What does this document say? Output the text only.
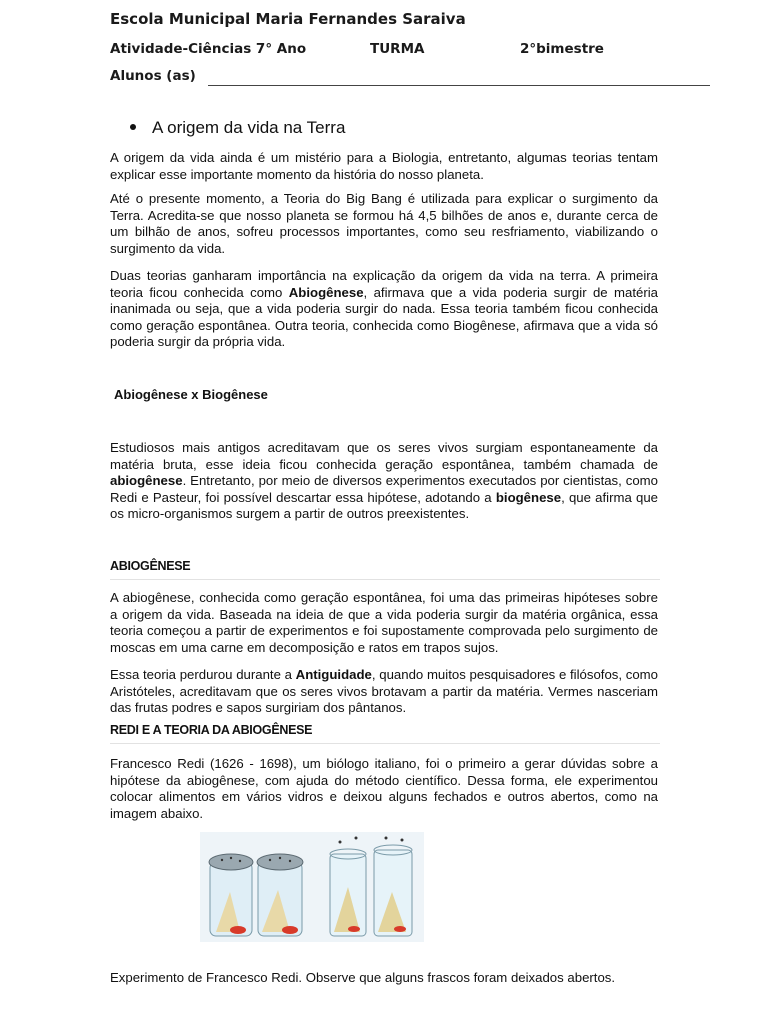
Escola Municipal Maria Fernandes Saraiva
Atividade-Ciências 7° Ano	TURMA	2°bimestre
Alunos (as)
A origem da vida na Terra

A origem da vida ainda é um mistério para a Biologia, entretanto, algumas teorias tentam explicar esse importante momento da história do nosso planeta.

Até o presente momento, a Teoria do Big Bang é utilizada para explicar o surgimento da Terra. Acredita-se que nosso planeta se formou há 4,5 bilhões de anos e, durante cerca de um bilhão de anos, sofreu processos importantes, como seu resfriamento, viabilizando o surgimento da vida.

Duas teorias ganharam importância na explicação da origem da vida na terra. A primeira teoria ficou conhecida como Abiogênese, afirmava que a vida poderia surgir de matéria inanimada ou seja, que a vida poderia surgir do nada. Essa teoria também ficou conhecida como geração espontânea. Outra teoria, conhecida como Biogênese, afirmava que a vida só poderia surgir da própria vida.

Abiogênese x Biogênese

Estudiosos mais antigos acreditavam que os seres vivos surgiam espontaneamente da matéria bruta, esse ideia ficou conhecida geração espontânea, também chamada de abiogênese. Entretanto, por meio de diversos experimentos executados por cientistas, como Redi e Pasteur, foi possível descartar essa hipótese, adotando a biogênese, que afirma que os micro-organismos surgem a partir de outros preexistentes.

ABIOGÊNESE

A abiogênese, conhecida como geração espontânea, foi uma das primeiras hipóteses sobre a origem da vida. Baseada na ideia de que a vida poderia surgir da matéria orgânica, essa teoria começou a partir de experimentos e foi supostamente comprovada pelo surgimento de moscas em uma carne em decomposição e ratos em trapos sujos.

Essa teoria perdurou durante a Antiguidade, quando muitos pesquisadores e filósofos, como Aristóteles, acreditavam que os seres vivos brotavam a partir da matéria. Vermes nasceriam das frutas podres e sapos surgiriam dos pântanos.

REDI E A TEORIA DA ABIOGÊNESE

Francesco Redi (1626 - 1698), um biólogo italiano, foi o primeiro a gerar dúvidas sobre a hipótese da abiogênese, com ajuda do método científico. Dessa forma, ele experimentou colocar alimentos em vários vidros e deixou alguns fechados e outros abertos, como na imagem abaixo.

Experimento de Francesco Redi. Observe que alguns frascos foram deixados abertos.
